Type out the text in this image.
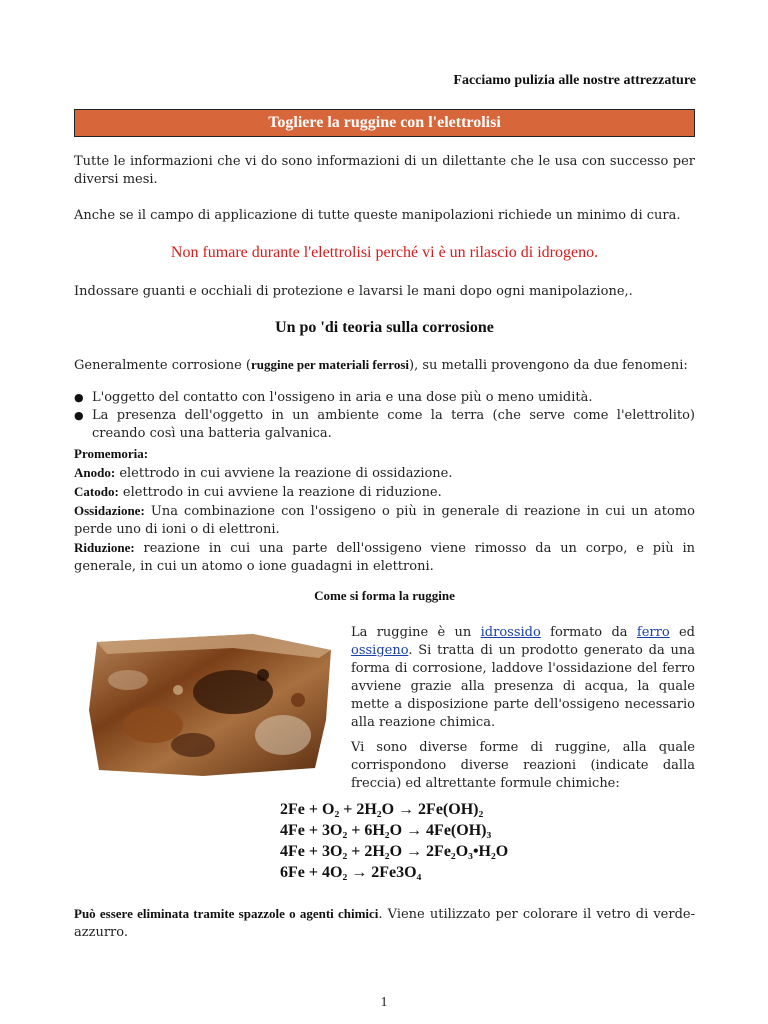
Facciamo pulizia alle nostre attrezzature
Togliere la ruggine con l'elettrolisi
Tutte le informazioni che vi do sono informazioni di un dilettante che le usa con successo per diversi mesi.
Anche se il campo di applicazione di tutte queste manipolazioni richiede un minimo di cura.
Non fumare durante l'elettrolisi perché vi è un rilascio di idrogeno.
Indossare guanti e occhiali di protezione e lavarsi le mani dopo ogni manipolazione,.
Un po 'di teoria sulla corrosione
Generalmente corrosione (ruggine per materiali ferrosi), su metalli provengono da due fenomeni:
● L'oggetto del contatto con l'ossigeno in aria e una dose più o meno umidità.
● La presenza dell'oggetto in un ambiente come la terra (che serve come l'elettrolito) creando così una batteria galvanica.
Promemoria:
Anodo: elettrodo in cui avviene la reazione di ossidazione.
Catodo: elettrodo in cui avviene la reazione di riduzione.
Ossidazione: Una combinazione con l'ossigeno o più in generale di reazione in cui un atomo perde uno di ioni o di elettroni.
Riduzione: reazione in cui una parte dell'ossigeno viene rimosso da un corpo, e più in generale, in cui un atomo o ione guadagni in elettroni.
Come si forma la ruggine
La ruggine è un idrossido formato da ferro ed ossigeno. Si tratta di un prodotto generato da una forma di corrosione, laddove l'ossidazione del ferro avviene grazie alla presenza di acqua, la quale mette a disposizione parte dell'ossigeno necessario alla reazione chimica.
Vi sono diverse forme di ruggine, alla quale corrispondono diverse reazioni (indicate dalla freccia) ed altrettante formule chimiche:
2Fe + O₂ + 2H₂O → 2Fe(OH)₂
4Fe + 3O₂ + 6H₂O → 4Fe(OH)₃
4Fe + 3O₂ + 2H₂O → 2Fe₂O₃•H₂O
6Fe + 4O₂ → 2Fe3O₄
Può essere eliminata tramite spazzole o agenti chimici. Viene utilizzato per colorare il vetro di verde-azzurro.
1
